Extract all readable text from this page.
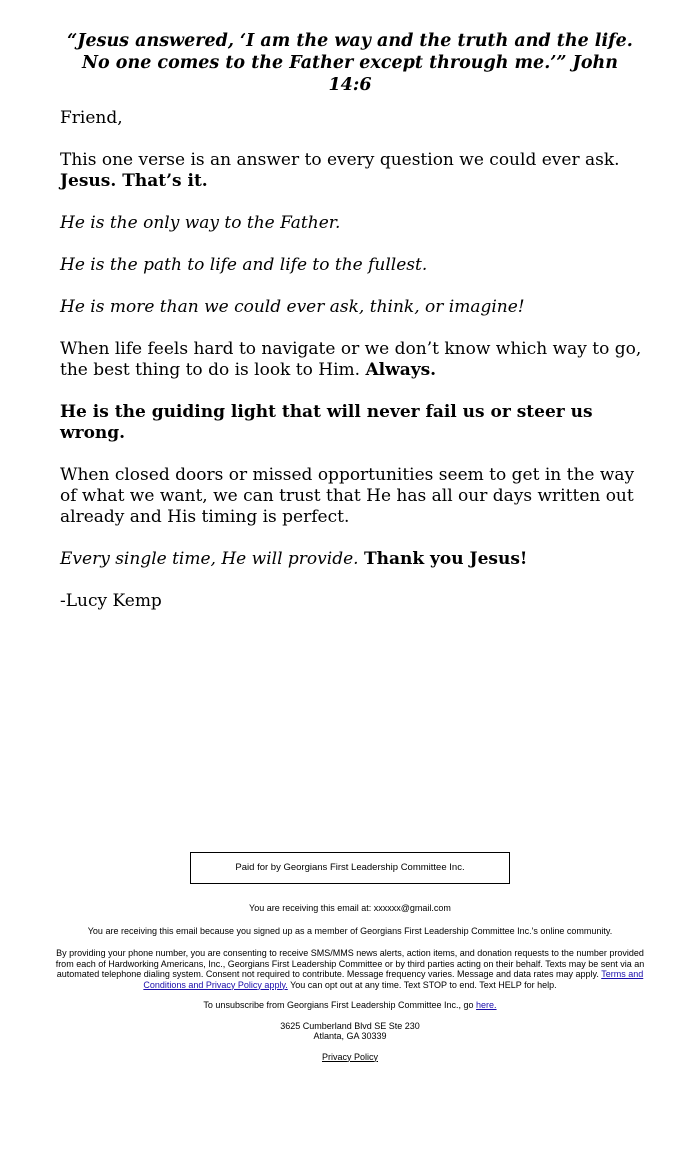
“Jesus answered, ‘I am the way and the truth and the life. No one comes to the Father except through me.’” John 14:6

Friend,

This one verse is an answer to every question we could ever ask. Jesus. That’s it.

He is the only way to the Father.

He is the path to life and life to the fullest.

He is more than we could ever ask, think, or imagine!

When life feels hard to navigate or we don’t know which way to go, the best thing to do is look to Him. Always.

He is the guiding light that will never fail us or steer us wrong.

When closed doors or missed opportunities seem to get in the way of what we want, we can trust that He has all our days written out already and His timing is perfect.

Every single time, He will provide. Thank you Jesus!

-Lucy Kemp

Paid for by Georgians First Leadership Committee Inc.

You are receiving this email at: xxxxxx@gmail.com

You are receiving this email because you signed up as a member of Georgians First Leadership Committee Inc.'s online community.

By providing your phone number, you are consenting to receive SMS/MMS news alerts, action items, and donation requests to the number provided from each of Hardworking Americans, Inc., Georgians First Leadership Committee or by third parties acting on their behalf. Texts may be sent via an automated telephone dialing system. Consent not required to contribute. Message frequency varies. Message and data rates may apply. Terms and Conditions and Privacy Policy apply. You can opt out at any time. Text STOP to end. Text HELP for help.

To unsubscribe from Georgians First Leadership Committee Inc., go here.

3625 Cumberland Blvd SE Ste 230
Atlanta, GA 30339

Privacy Policy
